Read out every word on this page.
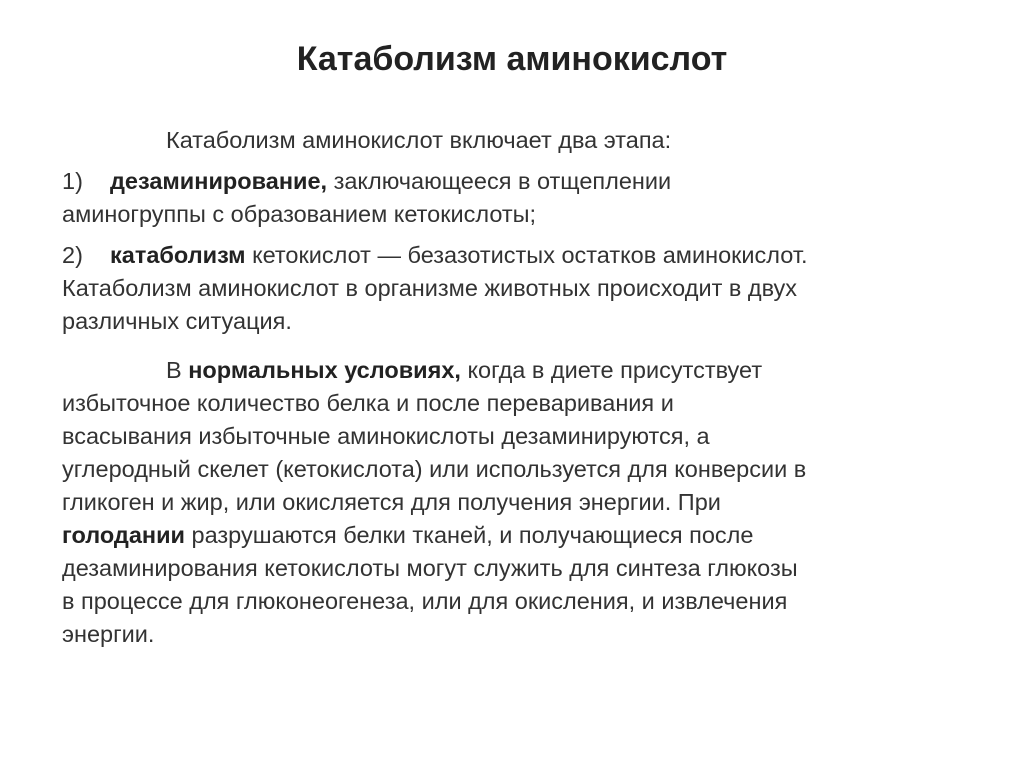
Катаболизм аминокислот

Катаболизм аминокислот включает два этапа:

1) дезаминирование, заключающееся в отщеплении
аминогруппы с образованием кетокислоты;

2) катаболизм кетокислот — безазотистых остатков аминокислот.
Катаболизм аминокислот в организме животных происходит в двух
различных ситуация.

В нормальных условиях, когда в диете присутствует
избыточное количество белка и после переваривания и
всасывания избыточные аминокислоты дезаминируются, а
углеродный скелет (кетокислота) или используется для конверсии в
гликоген и жир, или окисляется для получения энергии. При
голодании разрушаются белки тканей, и получающиеся после
дезаминирования кетокислоты могут служить для синтеза глюкозы
в процессе для глюконеогенеза, или для окисления, и извлечения
энергии.
